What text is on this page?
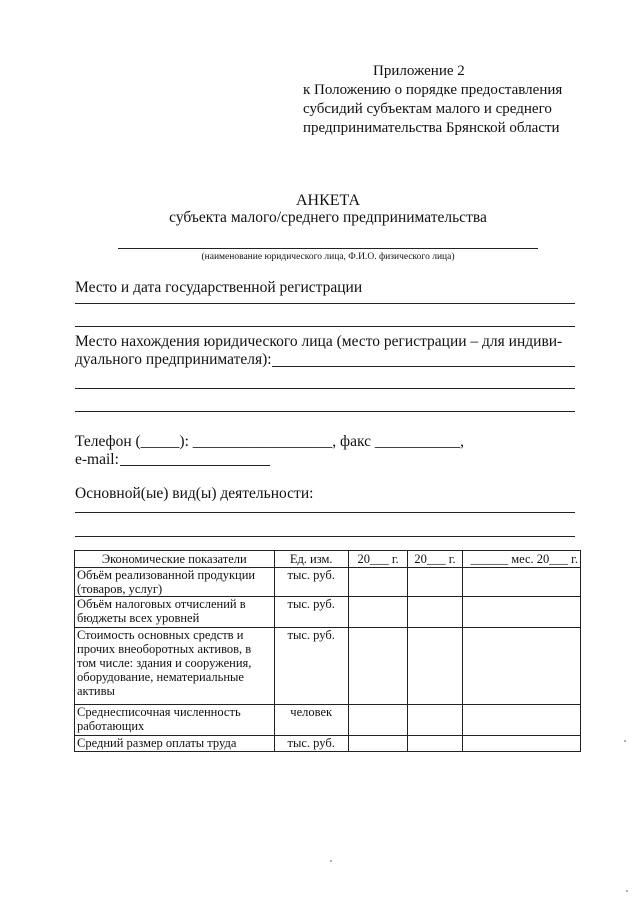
Приложение 2
к Положению о порядке предоставления
субсидий субъектам малого и среднего
предпринимательства Брянской области
АНКЕТА
субъекта малого/среднего предпринимательства
(наименование юридического лица, Ф.И.О. физического лица)
Место и дата государственной регистрации
Место нахождения юридического лица (место регистрации – для индиви-
дуального предпринимателя):
Телефон (_____): __________________, факс ___________,
e-mail:
Основной(ые) вид(ы) деятельности:
Экономические показатели	Ед. изм.	20___ г.	20___ г.	______ мес. 20___ г.
Объём реализованной продукции (товаров, услуг)	тыс. руб.			
Объём налоговых отчислений в бюджеты всех уровней	тыс. руб.			
Стоимость основных средств и прочих внеоборотных активов, в том числе: здания и сооружения, оборудование, нематериальные активы	тыс. руб.			
Среднесписочная численность работающих	человек			
Средний размер оплаты труда	тыс. руб.			
